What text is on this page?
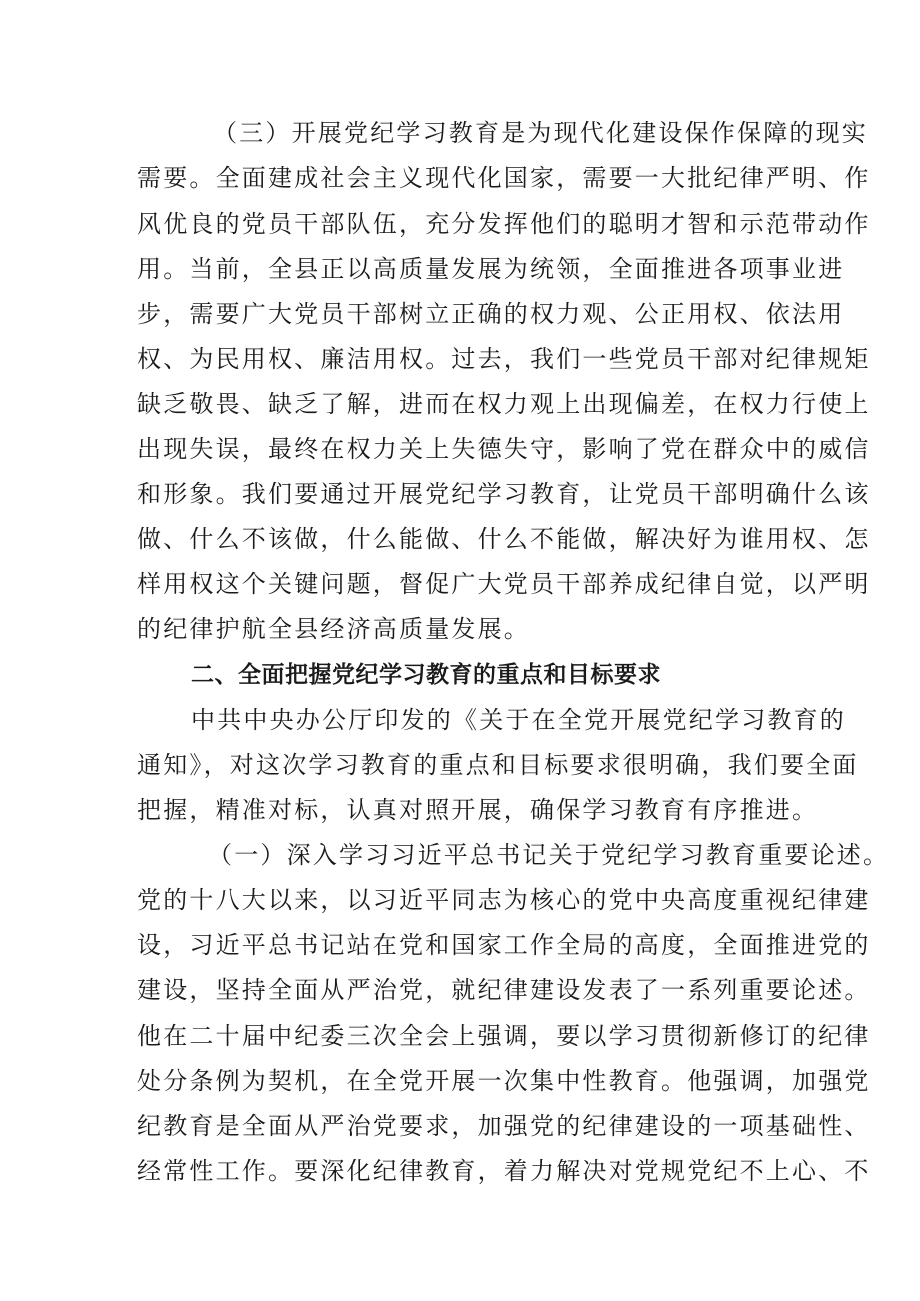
（三）开展党纪学习教育是为现代化建设保作保障的现实
需要。全面建成社会主义现代化国家，需要一大批纪律严明、作
风优良的党员干部队伍，充分发挥他们的聪明才智和示范带动作
用。当前，全县正以高质量发展为统领，全面推进各项事业进
步，需要广大党员干部树立正确的权力观、公正用权、依法用
权、为民用权、廉洁用权。过去，我们一些党员干部对纪律规矩
缺乏敬畏、缺乏了解，进而在权力观上出现偏差，在权力行使上
出现失误，最终在权力关上失德失守，影响了党在群众中的威信
和形象。我们要通过开展党纪学习教育，让党员干部明确什么该
做、什么不该做，什么能做、什么不能做，解决好为谁用权、怎
样用权这个关键问题，督促广大党员干部养成纪律自觉，以严明
的纪律护航全县经济高质量发展。
二、全面把握党纪学习教育的重点和目标要求
中共中央办公厅印发的《关于在全党开展党纪学习教育的
通知》，对这次学习教育的重点和目标要求很明确，我们要全面
把握，精准对标，认真对照开展，确保学习教育有序推进。
（一）深入学习习近平总书记关于党纪学习教育重要论述。
党的十八大以来，以习近平同志为核心的党中央高度重视纪律建
设，习近平总书记站在党和国家工作全局的高度，全面推进党的
建设，坚持全面从严治党，就纪律建设发表了一系列重要论述。
他在二十届中纪委三次全会上强调，要以学习贯彻新修订的纪律
处分条例为契机，在全党开展一次集中性教育。他强调，加强党
纪教育是全面从严治党要求，加强党的纪律建设的一项基础性、
经常性工作。要深化纪律教育，着力解决对党规党纪不上心、不
